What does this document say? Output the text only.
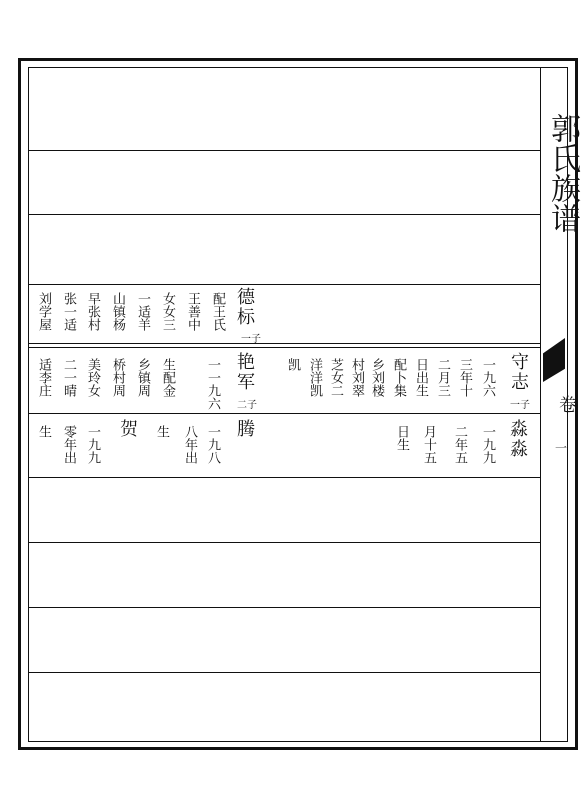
德标
一子
配王氏
王善中
女女三
一适羊
山镇杨
早张村
张一适
刘学屋
艳军
二子
一一九六
生配金
乡镇周
桥村周
美玲女
二一晴
适李庄	守志
一子
一九六
三年十
二月三
日出生
配卜集
乡刘楼
村刘翠
芝女二
洋洋凯
凯
腾
一九八
八年出
生
贺
一九九
零年出
生	淼淼
一九九
二年五
月十五
日生
郭氏族谱
卷
一
